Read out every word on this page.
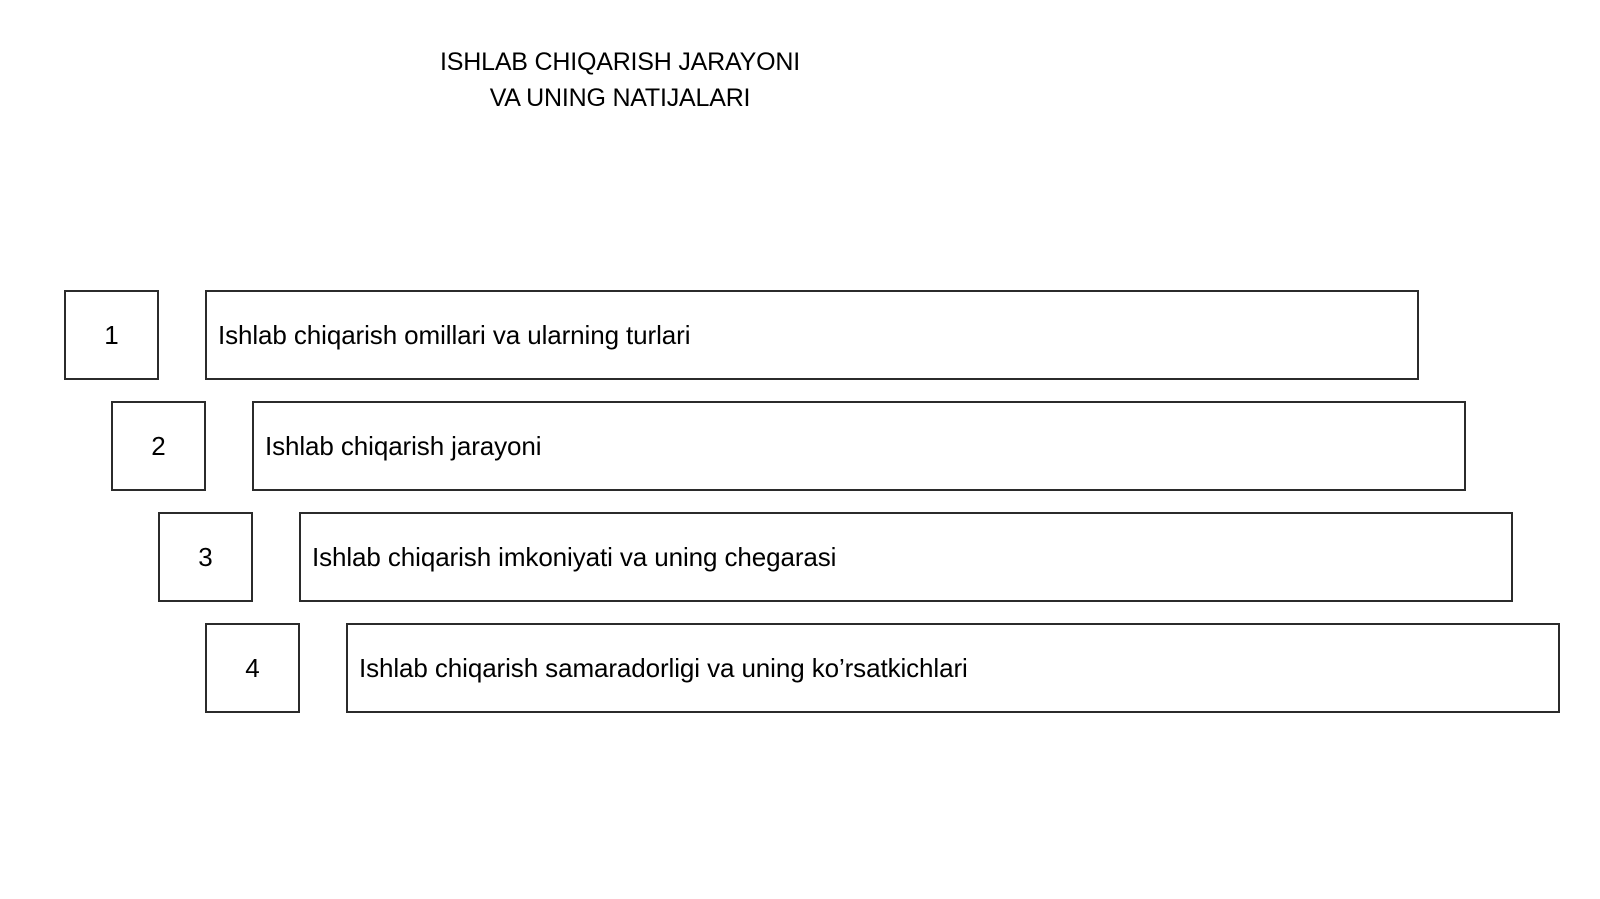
ISHLAB CHIQARISH JARAYONI
VA UNING NATIJALARI
1	Ishlab chiqarish omillari va ularning turlari
2	Ishlab chiqarish jarayoni
3	Ishlab chiqarish imkoniyati va uning chegarasi
4	Ishlab chiqarish samaradorligi va uning ko’rsatkichlari
